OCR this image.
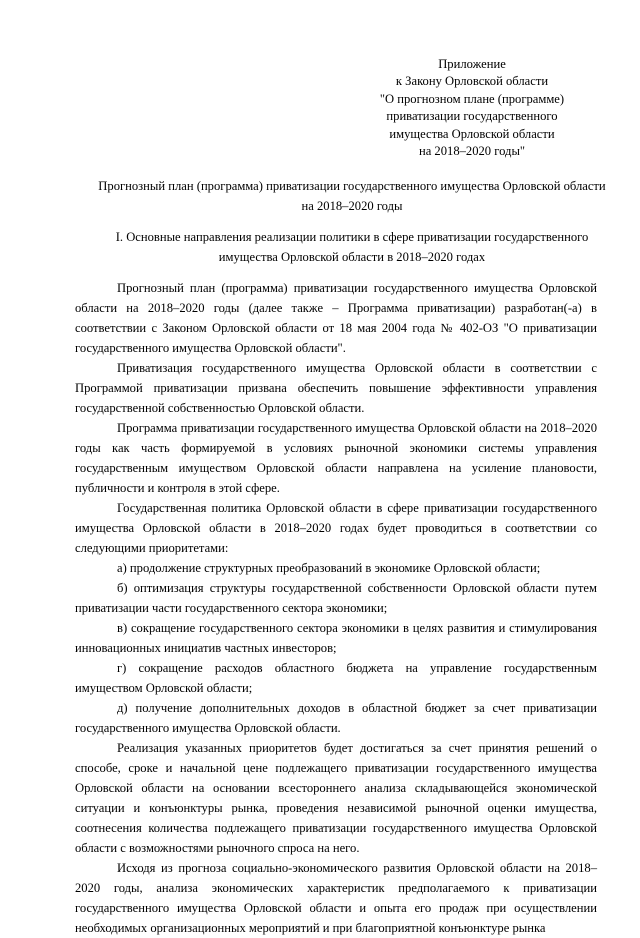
Приложение
к Закону Орловской области
"О прогнозном плане (программе)
приватизации государственного
имущества Орловской области
на 2018–2020 годы"
Прогнозный план (программа) приватизации государственного имущества Орловской области на 2018–2020 годы
I. Основные направления реализации политики в сфере приватизации государственного имущества Орловской области в 2018–2020 годах

Прогнозный план (программа) приватизации государственного имущества Орловской области на 2018–2020 годы (далее также – Программа приватизации) разработан(-а) в соответствии с Законом Орловской области от 18 мая 2004 года № 402-ОЗ "О приватизации государственного имущества Орловской области".

Приватизация государственного имущества Орловской области в соответствии с Программой приватизации призвана обеспечить повышение эффективности управления государственной собственностью Орловской области.

Программа приватизации государственного имущества Орловской области на 2018–2020 годы как часть формируемой в условиях рыночной экономики системы управления государственным имуществом Орловской области направлена на усиление плановости, публичности и контроля в этой сфере.

Государственная политика Орловской области в сфере приватизации государственного имущества Орловской области в 2018–2020 годах будет проводиться в соответствии со следующими приоритетами:

а) продолжение структурных преобразований в экономике Орловской области;

б) оптимизация структуры государственной собственности Орловской области путем приватизации части государственного сектора экономики;

в) сокращение государственного сектора экономики в целях развития и стимулирования инновационных инициатив частных инвесторов;

г) сокращение расходов областного бюджета на управление государственным имуществом Орловской области;

д) получение дополнительных доходов в областной бюджет за счет приватизации государственного имущества Орловской области.

Реализация указанных приоритетов будет достигаться за счет принятия решений о способе, сроке и начальной цене подлежащего приватизации государственного имущества Орловской области на основании всестороннего анализа складывающейся экономической ситуации и конъюнктуры рынка, проведения независимой рыночной оценки имущества, соотнесения количества подлежащего приватизации государственного имущества Орловской области с возможностями рыночного спроса на него.

Исходя из прогноза социально-экономического развития Орловской области на 2018–2020 годы, анализа экономических характеристик предполагаемого к приватизации государственного имущества Орловской области и опыта его продаж при осуществлении необходимых организационных мероприятий и при благоприятной конъюнктуре рынка
